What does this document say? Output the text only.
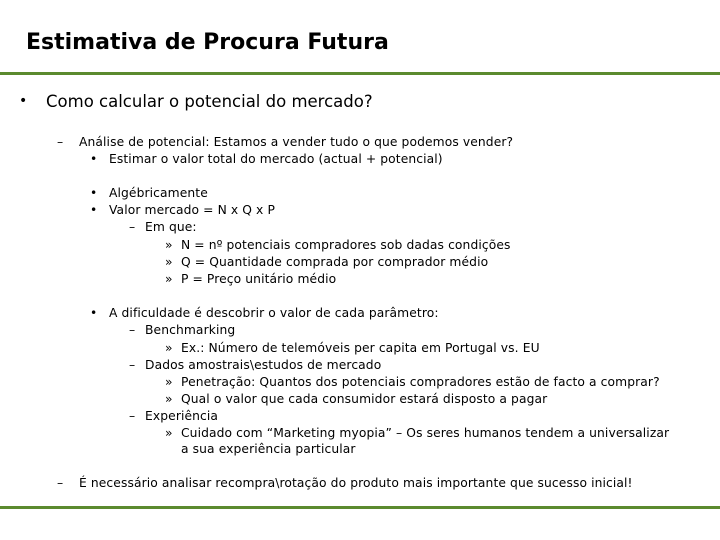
Estimativa de Procura Futura
• Como calcular o potencial do mercado?
– Análise de potencial: Estamos a vender tudo o que podemos vender?
• Estimar o valor total do mercado (actual + potencial)
• Algébricamente
• Valor mercado = N x Q x P
– Em que:
» N = nº potenciais compradores sob dadas condições
» Q = Quantidade comprada por comprador médio
» P = Preço unitário médio
• A dificuldade é descobrir o valor de cada parâmetro:
– Benchmarking
» Ex.: Número de telemóveis per capita em Portugal vs. EU
– Dados amostrais\estudos de mercado
» Penetração: Quantos dos potenciais compradores estão de facto a comprar?
» Qual o valor que cada consumidor estará disposto a pagar
– Experiência
» Cuidado com “Marketing myopia” – Os seres humanos tendem a universalizar
a sua experiência particular
– É necessário analisar recompra\rotação do produto mais importante que sucesso inicial!
